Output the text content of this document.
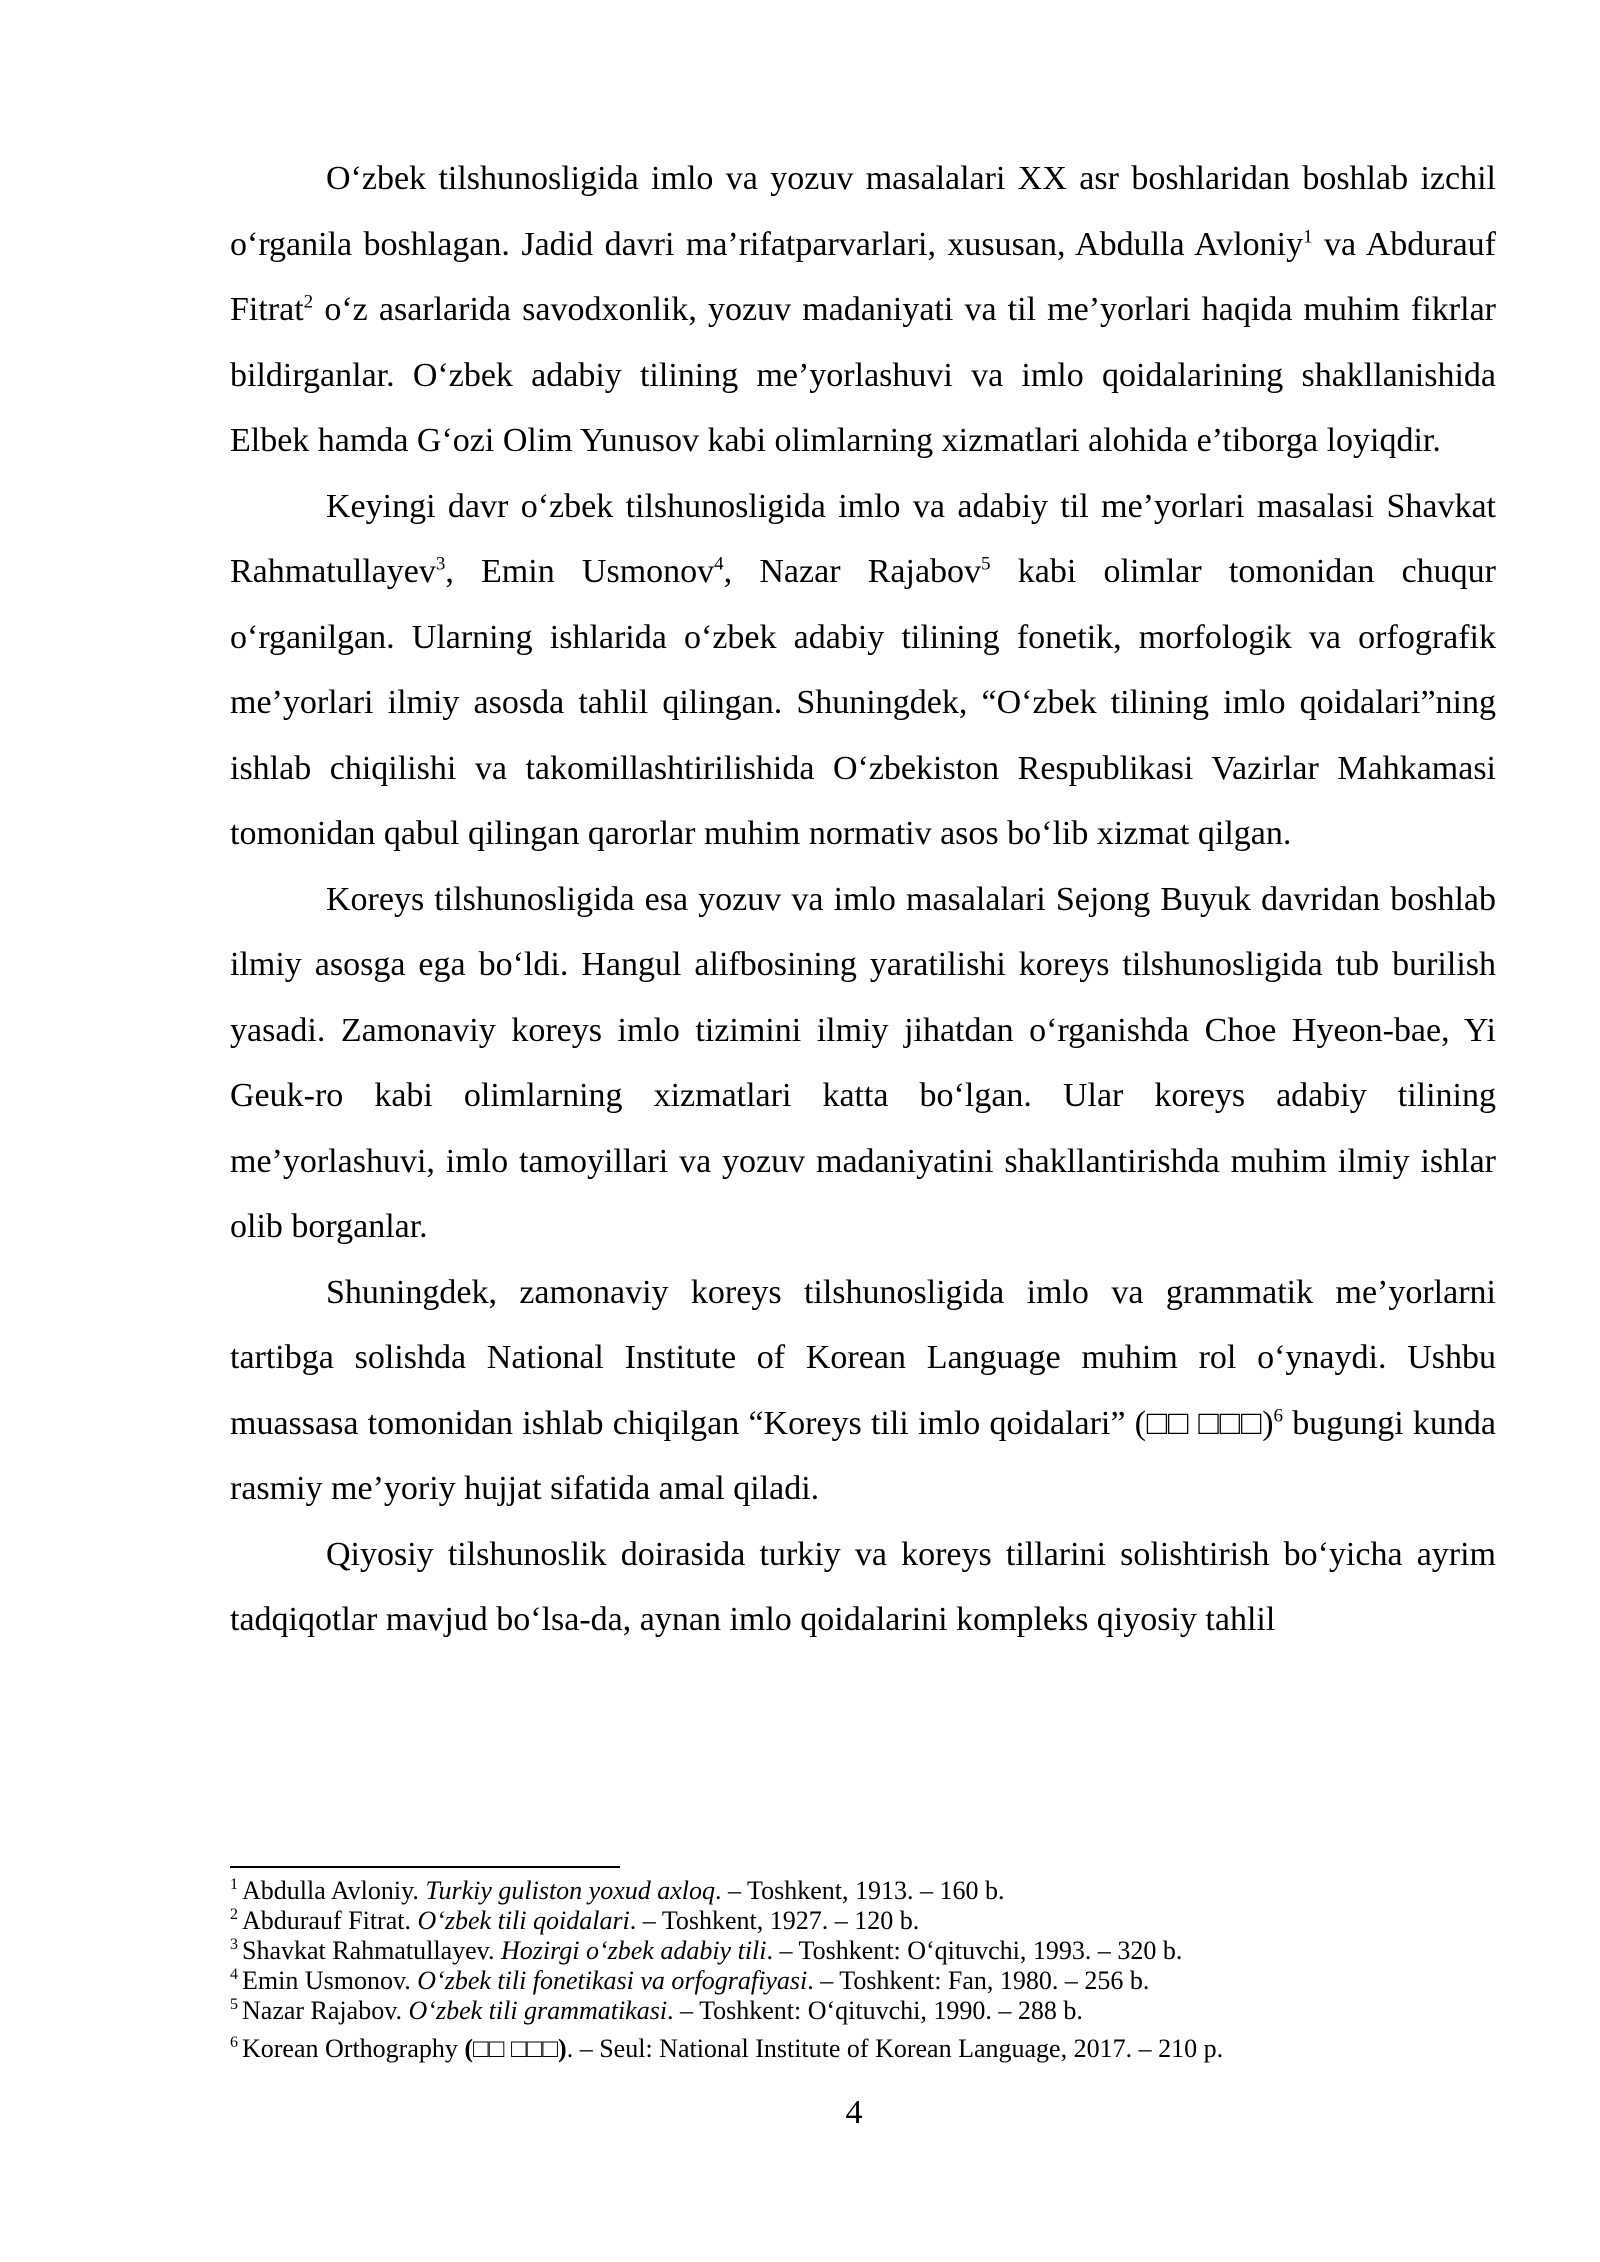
O‘zbek tilshunosligida imlo va yozuv masalalari XX asr boshlaridan boshlab izchil o‘rganila boshlagan. Jadid davri ma’rifatparvarlari, xususan, Abdulla Avloniy$^1$ va Abdurauf Fitrat$^2$ o‘z asarlarida savodxonlik, yozuv madaniyati va til me’yorlari haqida muhim fikrlar bildirganlar. O‘zbek adabiy tilining me’yorlashuvi va imlo qoidalarining shakllanishida Elbek hamda G‘ozi Olim Yunusov kabi olimlarning xizmatlari alohida e’tiborga loyiqdir.

Keyingi davr o‘zbek tilshunosligida imlo va adabiy til me’yorlari masalasi Shavkat Rahmatullayev$^3$, Emin Usmonov$^4$, Nazar Rajabov$^5$ kabi olimlar tomonidan chuqur o‘rganilgan. Ularning ishlarida o‘zbek adabiy tilining fonetik, morfologik va orfografik me’yorlari ilmiy asosda tahlil qilingan. Shuningdek, “O‘zbek tilining imlo qoidalari”ning ishlab chiqilishi va takomillashtirilishida O‘zbekiston Respublikasi Vazirlar Mahkamasi tomonidan qabul qilingan qarorlar muhim normativ asos bo‘lib xizmat qilgan.

Koreys tilshunosligida esa yozuv va imlo masalalari Sejong Buyuk davridan boshlab ilmiy asosga ega bo‘ldi. Hangul alifbosining yaratilishi koreys tilshunosligida tub burilish yasadi. Zamonaviy koreys imlo tizimini ilmiy jihatdan o‘rganishda Choe Hyeon-bae, Yi Geuk-ro kabi olimlarning xizmatlari katta bo‘lgan. Ular koreys adabiy tilining me’yorlashuvi, imlo tamoyillari va yozuv madaniyatini shakllantirishda muhim ilmiy ishlar olib borganlar.

Shuningdek, zamonaviy koreys tilshunosligida imlo va grammatik me’yorlarni tartibga solishda National Institute of Korean Language muhim rol o‘ynaydi. Ushbu muassasa tomonidan ishlab chiqilgan “Koreys tili imlo qoidalari” (□□ □□□)$^6$ bugungi kunda rasmiy me’yoriy hujjat sifatida amal qiladi.

Qiyosiy tilshunoslik doirasida turkiy va koreys tillarini solishtirish bo‘yicha ayrim tadqiqotlar mavjud bo‘lsa-da, aynan imlo qoidalarini kompleks qiyosiy tahlil

$^1$ Abdulla Avloniy. Turkiy guliston yoxud axloq. – Toshkent, 1913. – 160 b.
$^2$ Abdurauf Fitrat. O‘zbek tili qoidalari. – Toshkent, 1927. – 120 b.
$^3$ Shavkat Rahmatullayev. Hozirgi o‘zbek adabiy tili. – Toshkent: O‘qituvchi, 1993. – 320 b.
$^4$ Emin Usmonov. O‘zbek tili fonetikasi va orfografiyasi. – Toshkent: Fan, 1980. – 256 b.
$^5$ Nazar Rajabov. O‘zbek tili grammatikasi. – Toshkent: O‘qituvchi, 1990. – 288 b.
$^6$ Korean Orthography (□□ □□□). – Seul: National Institute of Korean Language, 2017. – 210 p.
4
